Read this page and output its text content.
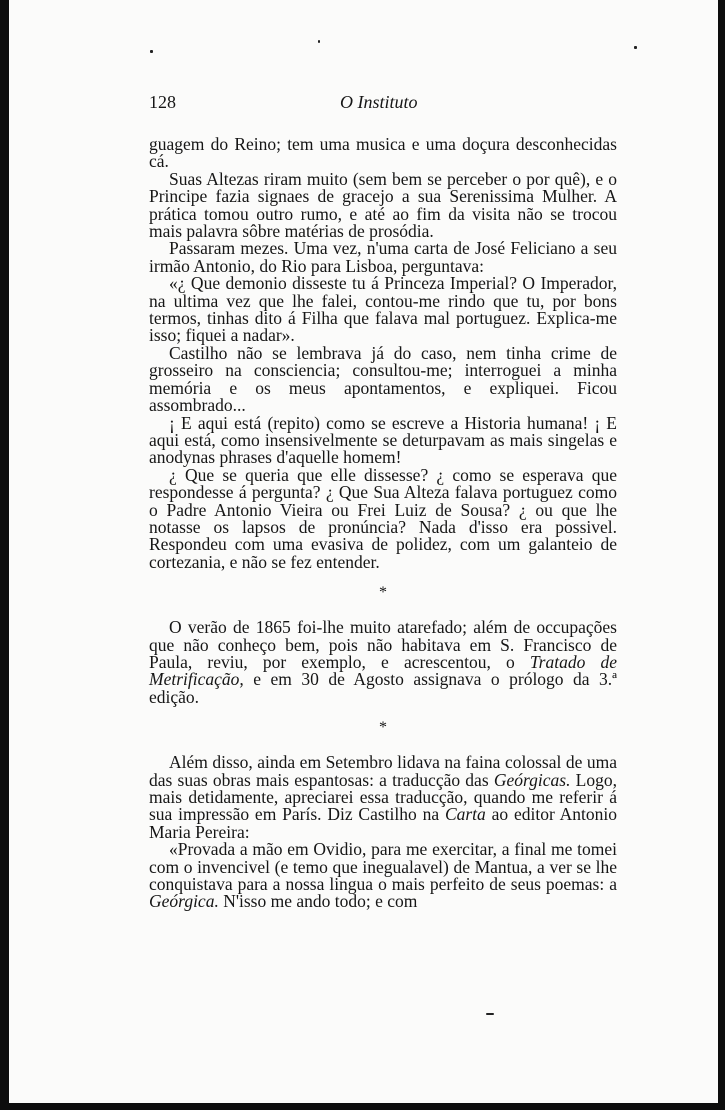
128	O Instituto

guagem do Reino; tem uma musica e uma doçura desconhecidas cá.

Suas Altezas riram muito (sem bem se perceber o por quê), e o Principe fazia signaes de gracejo a sua Serenissima Mulher. A prática tomou outro rumo, e até ao fim da visita não se trocou mais palavra sôbre matérias de prosódia.

Passaram mezes. Uma vez, n'uma carta de José Feliciano a seu irmão Antonio, do Rio para Lisboa, perguntava:

«¿ Que demonio disseste tu á Princeza Imperial? O Imperador, na ultima vez que lhe falei, contou-me rindo que tu, por bons termos, tinhas dito á Filha que falava mal portuguez. Explica-me isso; fiquei a nadar».

Castilho não se lembrava já do caso, nem tinha crime de grosseiro na consciencia; consultou-me; interroguei a minha memória e os meus apontamentos, e expliquei. Ficou assombrado...

¡ E aqui está (repito) como se escreve a Historia humana! ¡ E aqui está, como insensivelmente se deturpavam as mais singelas e anodynas phrases d'aquelle homem!

¿ Que se queria que elle dissesse? ¿ como se esperava que respondesse á pergunta? ¿ Que Sua Alteza falava portuguez como o Padre Antonio Vieira ou Frei Luiz de Sousa? ¿ ou que lhe notasse os lapsos de pronúncia? Nada d'isso era possivel. Respondeu com uma evasiva de polidez, com um galanteio de cortezania, e não se fez entender.

*

O verão de 1865 foi-lhe muito atarefado; além de occupações que não conheço bem, pois não habitava em S. Francisco de Paula, reviu, por exemplo, e acrescentou, o Tratado de Metrificação, e em 30 de Agosto assignava o prólogo da 3.ª edição.

*

Além disso, ainda em Setembro lidava na faina colossal de uma das suas obras mais espantosas: a traducção das Geórgicas. Logo, mais detidamente, apreciarei essa traducção, quando me referir á sua impressão em París. Diz Castilho na Carta ao editor Antonio Maria Pereira:

«Provada a mão em Ovidio, para me exercitar, a final me tomei com o invencivel (e temo que inegualavel) de Mantua, a ver se lhe conquistava para a nossa lingua o mais perfeito de seus poemas: a Geórgica. N'isso me ando todo; e com
